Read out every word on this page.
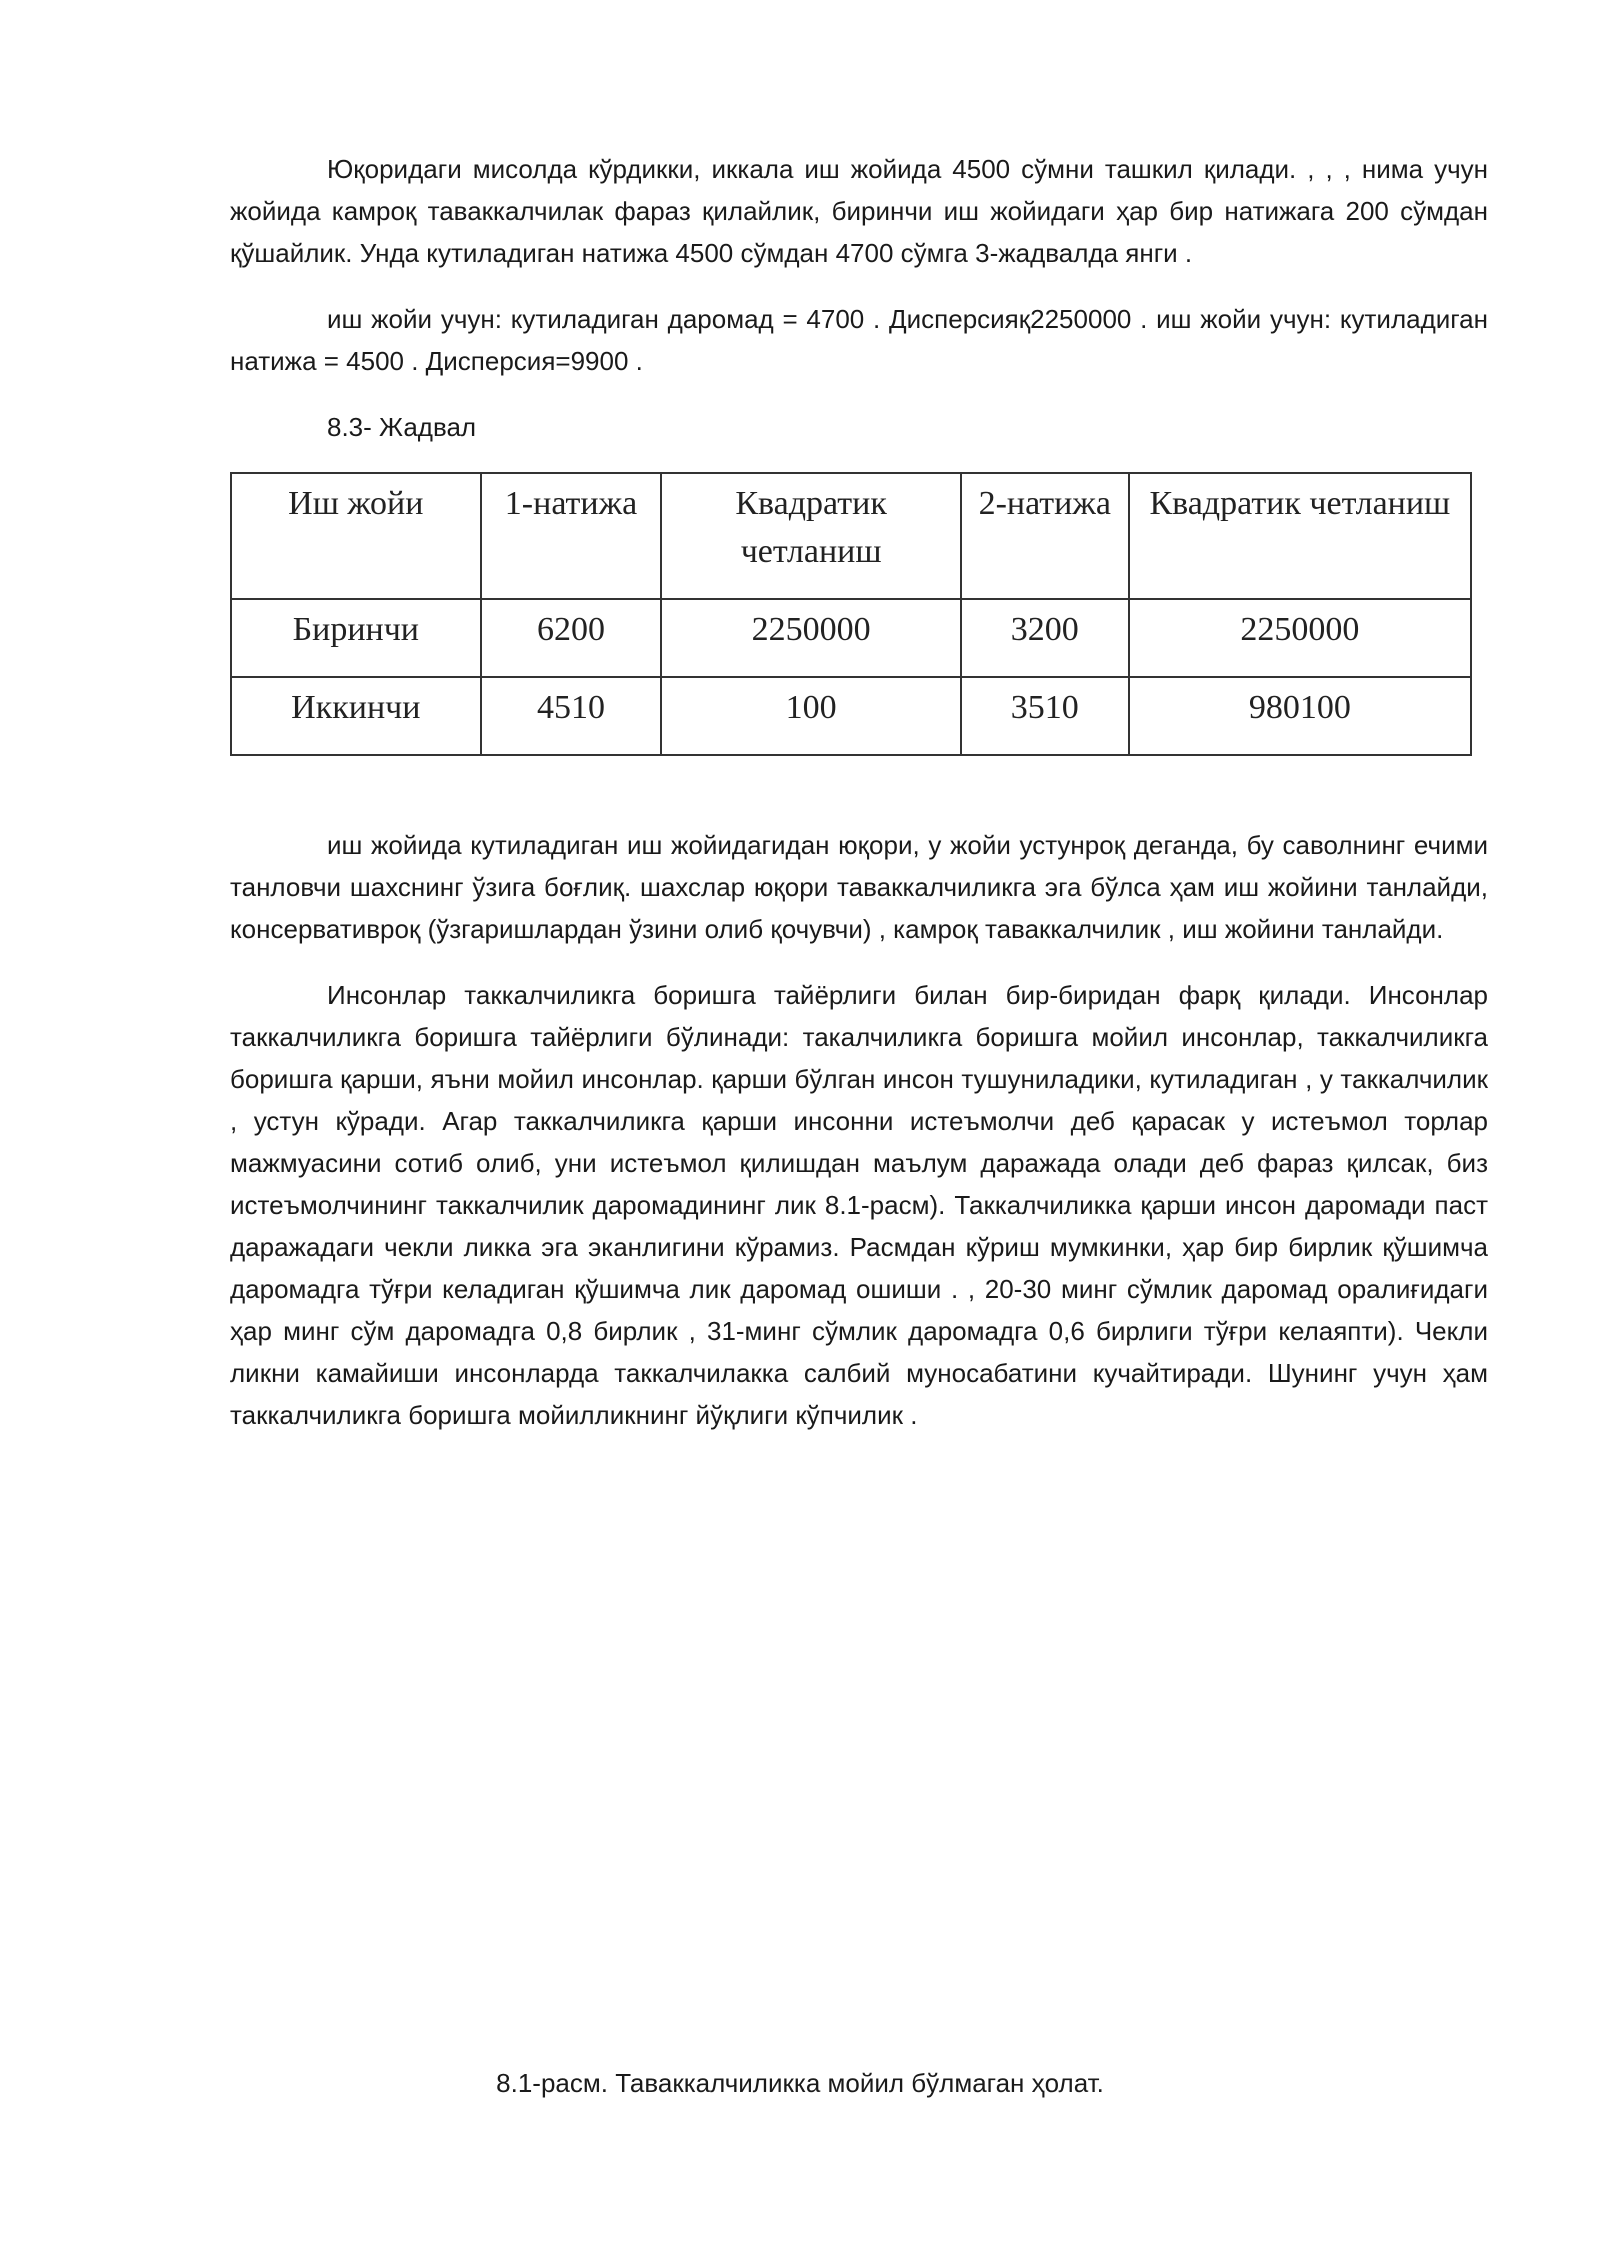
Юқоридаги мисолда кўрдикки, иккала иш жойида 4500 сўмни ташкил қилади. , , , нима учун жойида камроқ таваккалчилак фараз қилайлик, биринчи иш жойидаги ҳар бир натижага 200 сўмдан қўшайлик. Унда кутиладиган натижа 4500 сўмдан 4700 сўмга 3-жадвалда янги .

иш жойи учун: кутиладиган даромад = 4700 . Дисперсияқ2250000 . иш жойи учун: кутиладиган натижа = 4500 . Дисперсия=9900 .

8.3- Жадвал

Иш жойи	1-натижа	Квадратик четланиш	2-натижа	Квадратик четланиш
Биринчи	6200	2250000	3200	2250000
Иккинчи	4510	100	3510	980100

иш жойида кутиладиган иш жойидагидан юқори, у жойи устунроқ деганда, бу саволнинг ечими танловчи шахснинг ўзига боғлиқ. шахслар юқори таваккалчиликга эга бўлса ҳам иш жойини танлайди, консервативроқ (ўзгаришлардан ўзини олиб қочувчи) , камроқ таваккалчилик , иш жойини танлайди.

Инсонлар таккалчиликга боришга тайёрлиги билан бир-биридан фарқ қилади. Инсонлар таккалчиликга боришга тайёрлиги бўлинади: такалчиликга боришга мойил инсонлар, таккалчиликга боришга қарши, яъни мойил инсонлар. қарши бўлган инсон тушуниладики, кутиладиган , у таккалчилик , устун кўради. Агар таккалчиликга қарши инсонни истеъмолчи деб қарасак у истеъмол торлар мажмуасини сотиб олиб, уни истеъмол қилишдан маълум даражада олади деб фараз қилсак, биз истеъмолчининг таккалчилик даромадининг лик 8.1-расм). Таккалчиликка қарши инсон даромади паст даражадаги чекли ликка эга эканлигини кўрамиз. Расмдан кўриш мумкинки, ҳар бир бирлик қўшимча даромадга тўғри келадиган қўшимча лик даромад ошиши . , 20-30 минг сўмлик даромад оралиғидаги ҳар минг сўм даромадга 0,8 бирлик , 31-минг сўмлик даромадга 0,6 бирлиги тўғри келаяпти). Чекли ликни камайиши инсонларда таккалчилакка салбий муносабатини кучайтиради. Шунинг учун ҳам таккалчиликга боришга мойилликнинг йўқлиги кўпчилик .

8.1-расм. Таваккалчиликка мойил бўлмаган ҳолат.
